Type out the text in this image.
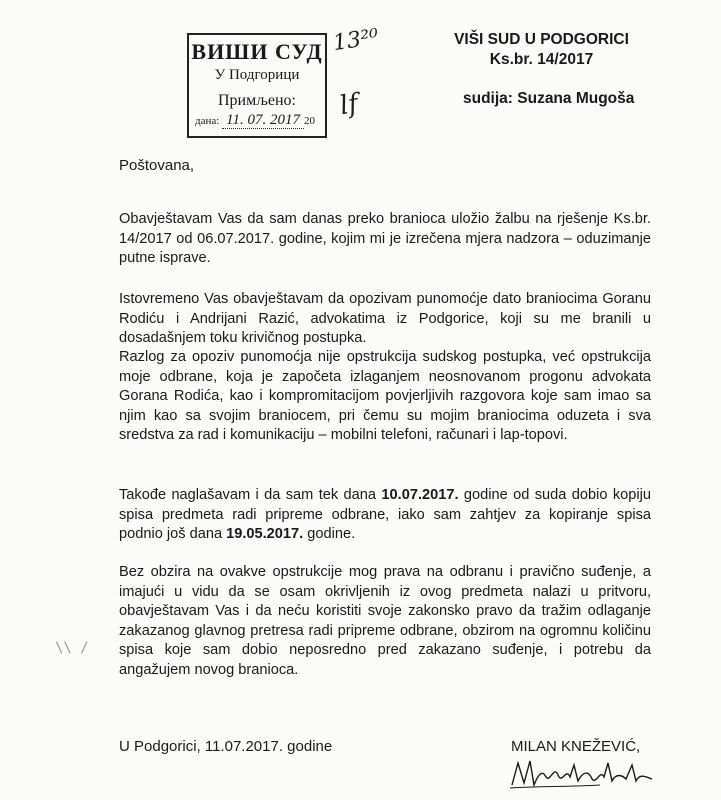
ВИШИ СУД
У Подгорици
Примљено:
дана: 11. 07. 2017 20
13²⁰
lf
VIŠI SUD U PODGORICI
Ks.br. 14/2017
sudija: Suzana Mugoša
Poštovana,

Obavještavam Vas da sam danas preko branioca uložio žalbu na rješenje Ks.br. 14/2017 od 06.07.2017. godine, kojim mi je izrečena mjera nadzora – oduzimanje putne isprave.

Istovremeno Vas obavještavam da opozivam punomoćje dato braniocima Goranu Rodiću i Andrijani Razić, advokatima iz Podgorice, koji su me branili u dosadašnjem toku krivičnog postupka.

Razlog za opoziv punomoćja nije opstrukcija sudskog postupka, već opstrukcija moje odbrane, koja je započeta izlaganjem neosnovanom progonu advokata Gorana Rodića, kao i kompromitacijom povjerljivih razgovora koje sam imao sa njim kao sa svojim braniocem, pri čemu su mojim braniocima oduzeta i sva sredstva za rad i komunikaciju – mobilni telefoni, računari i lap-topovi.

Takođe naglašavam i da sam tek dana 10.07.2017. godine od suda dobio kopiju spisa predmeta radi pripreme odbrane, iako sam zahtjev za kopiranje spisa podnio još dana 19.05.2017. godine.

Bez obzira na ovakve opstrukcije mog prava na odbranu i pravično suđenje, a imajući u vidu da se osam okrivljenih iz ovog predmeta nalazi u pritvoru, obavještavam Vas i da neću koristiti svoje zakonsko pravo da tražim odlaganje zakazanog glavnog pretresa radi pripreme odbrane, obzirom na ogromnu količinu spisa koje sam dobio neposredno pred zakazano suđenje, i potrebu da angažujem novog branioca.

\\ /
U Podgorici, 11.07.2017. godine	MILAN KNEŽEVIĆ,
